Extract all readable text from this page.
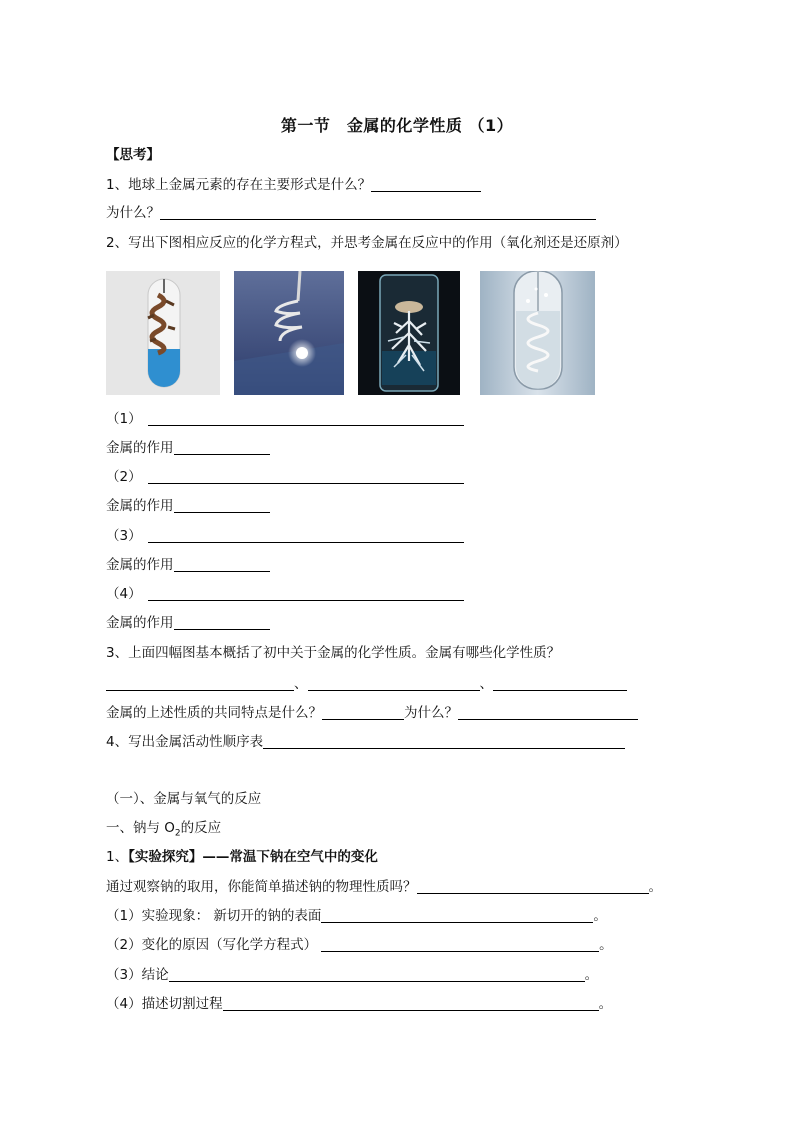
第一节　金属的化学性质 （1）
【思考】
1、地球上金属元素的存在主要形式是什么？
为什么？
2、写出下图相应反应的化学方程式，并思考金属在反应中的作用（氧化剂还是还原剂）
（1）
金属的作用
（2）
金属的作用
（3）
金属的作用
（4）
金属的作用
3、上面四幅图基本概括了初中关于金属的化学性质。金属有哪些化学性质？
、	、
金属的上述性质的共同特点是什么？	为什么？
4、写出金属活动性顺序表
（一）、金属与氧气的反应
一、钠与 $O_2$的反应
1、【实验探究】——常温下钠在空气中的变化
通过观察钠的取用，你能简单描述钠的物理性质吗？	。
（1）实验现象： 新切开的钠的表面	。
（2）变化的原因（写化学方程式）	。
（3）结论	。
（4）描述切割过程	。
